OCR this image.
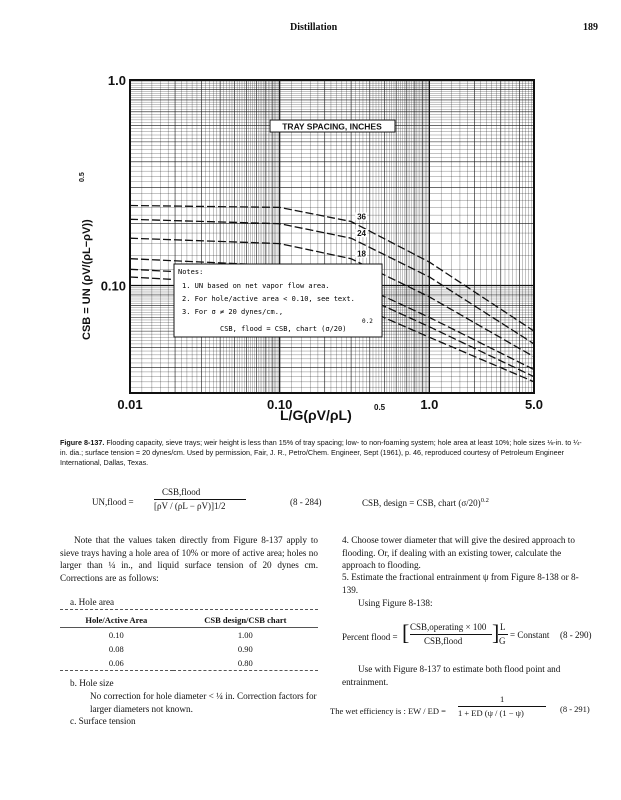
Distillation	189
TRAY SPACING, INCHES
36
24
18
Notes:
1. UN based on net vapor flow area.
2. For hole/active area < 0.10, see text.
3. For σ ≠ 20 dynes/cm.,
CSB, flood = CSB, chart (σ/20)
0.2
0.01	0.10	1.0	5.0
1.0
0.10
L/G(ρV/ρL)	0.5
CSB = UN (ρV/(ρL−ρV))
0.5
Figure 8-137. Flooding capacity, sieve trays; weir height is less than 15% of tray spacing; low- to non-foaming system; hole area at least 10%; hole sizes ⅛-in. to ¼-in. dia.; surface tension = 20 dynes/cm. Used by permission, Fair, J. R., Petro/Chem. Engineer, Sept (1961), p. 46, reproduced courtesy of Petroleum Engineer International, Dallas, Texas.
UN,flood =
CSB,flood
[ρV / (ρL − ρV)]1/2	(8 - 284)
Note that the values taken directly from Figure 8-137 apply to sieve trays having a hole area of 10% or more of active area; holes no larger than ¼ in., and liquid surface tension of 20 dynes cm. Corrections are as follows:
a. Hole area
Hole/Active Area	CSB design/CSB chart
0.10	1.00
0.08	0.90
0.06	0.80
b. Hole size
No correction for hole diameter < ¼ in. Correction factors for larger diameters not known.
c. Surface tension
CSB, design = CSB, chart $(\sigma/20)^{0.2}$
4. Choose tower diameter that will give the desired approach to flooding. Or, if dealing with an existing tower, calculate the approach to flooding.
5. Estimate the fractional entrainment ψ from Figure 8-138 or 8-139.
Using Figure 8-138:
Percent flood = [ CSB,operating × 100
CSB,flood ] L
G
= Constant (8 - 290)
Use with Figure 8-137 to estimate both flood point and entrainment.
The wet efficiency is : EW / ED =
1
1 + ED (ψ / (1 − ψ)	(8 - 291)
